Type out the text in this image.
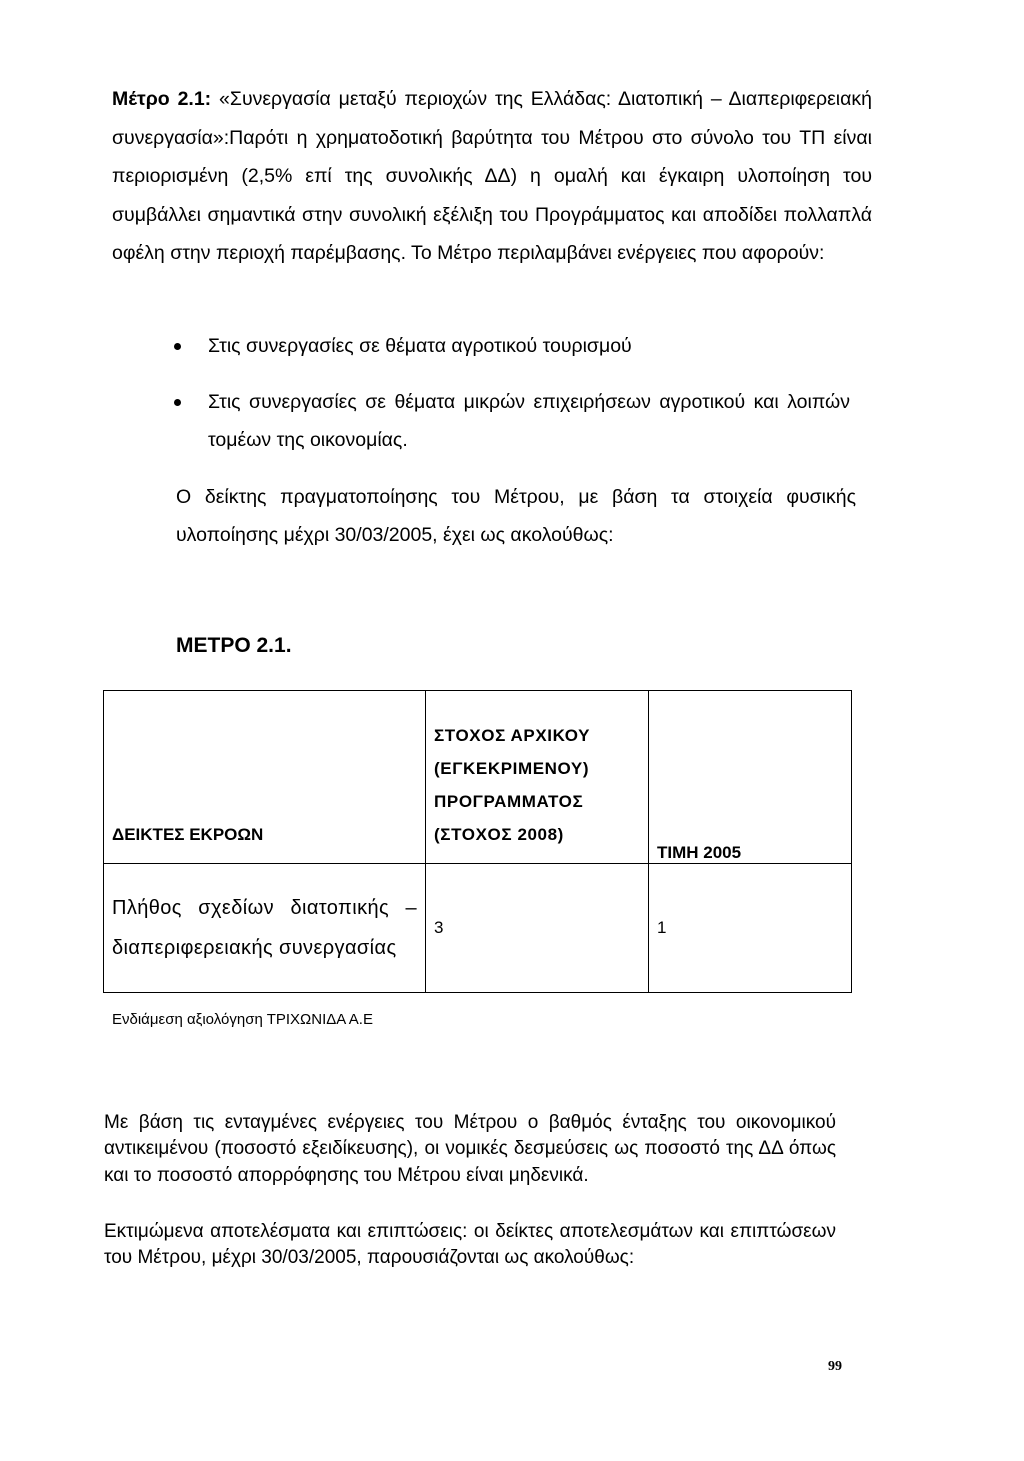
Μέτρο 2.1: «Συνεργασία μεταξύ περιοχών της Ελλάδας: Διατοπική – Διαπεριφερειακή συνεργασία»:Παρότι η χρηματοδοτική βαρύτητα του Μέτρου στο σύνολο του ΤΠ είναι περιορισμένη (2,5% επί της συνολικής ΔΔ) η ομαλή και έγκαιρη υλοποίηση του συμβάλλει σημαντικά στην συνολική εξέλιξη του Προγράμματος και αποδίδει πολλαπλά οφέλη στην περιοχή παρέμβασης. Το Μέτρο περιλαμβάνει ενέργειες που αφορούν:

Στις συνεργασίες σε θέματα αγροτικού τουρισμού
Στις συνεργασίες σε θέματα μικρών επιχειρήσεων αγροτικού και λοιπών τομέων της οικονομίας.

Ο δείκτης πραγματοποίησης του Μέτρου, με βάση τα στοιχεία φυσικής υλοποίησης μέχρι 30/03/2005, έχει ως ακολούθως:

ΜΕΤΡΟ 2.1.

ΔΕΙΚΤΕΣ ΕΚΡΟΩΝ	ΣΤΟΧΟΣ ΑΡΧΙΚΟΥ (ΕΓΚΕΚΡΙΜΕΝΟΥ) ΠΡΟΓΡΑΜΜΑΤΟΣ (ΣΤΟΧΟΣ 2008)	ΤΙΜΗ 2005

Πλήθος σχεδίων διατοπικής – διαπεριφερειακής συνεργασίας	3	1

Ενδιάμεση αξιολόγηση ΤΡΙΧΩΝΙΔΑ Α.Ε

Με βάση τις ενταγμένες ενέργειες του Μέτρου ο βαθμός ένταξης του οικονομικού αντικειμένου (ποσοστό εξειδίκευσης), οι νομικές δεσμεύσεις ως ποσοστό της ΔΔ όπως και το ποσοστό απορρόφησης του Μέτρου είναι μηδενικά.

Εκτιμώμενα αποτελέσματα και επιπτώσεις: οι δείκτες αποτελεσμάτων και επιπτώσεων του Μέτρου, μέχρι 30/03/2005, παρουσιάζονται ως ακολούθως:

99
